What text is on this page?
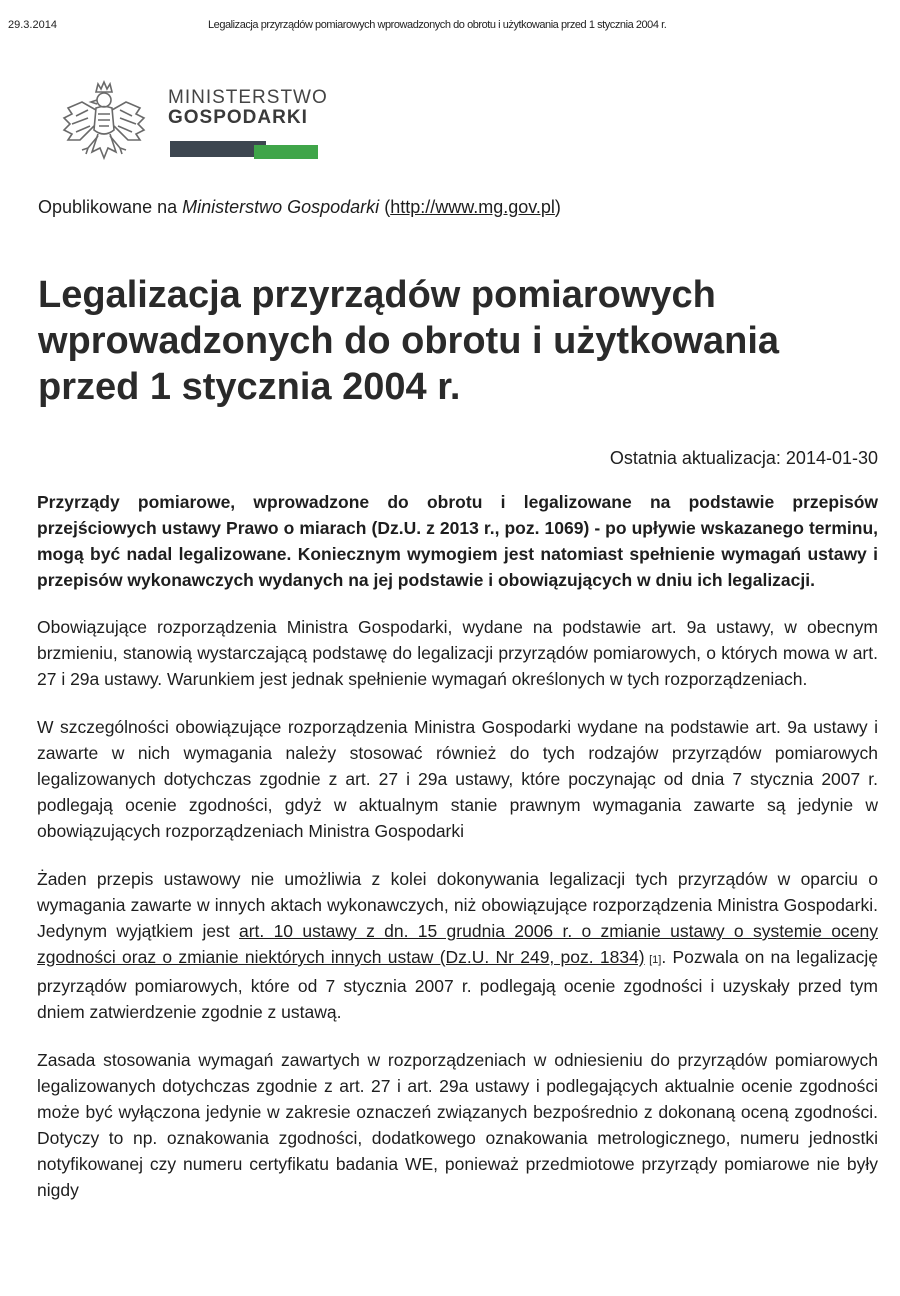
29.3.2014	Legalizacja przyrządów pomiarowych wprowadzonych do obrotu i użytkowania przed 1 stycznia 2004 r.
MINISTERSTWO
GOSPODARKI
Opublikowane na Ministerstwo Gospodarki (http://www.mg.gov.pl)
Legalizacja przyrządów pomiarowych wprowadzonych do obrotu i użytkowania przed 1 stycznia 2004 r.
Ostatnia aktualizacja: 2014-01-30

Przyrządy pomiarowe, wprowadzone do obrotu i legalizowane na podstawie przepisów przejściowych ustawy Prawo o miarach (Dz.U. z 2013 r., poz. 1069) - po upływie wskazanego terminu, mogą być nadal legalizowane. Koniecznym wymogiem jest natomiast spełnienie wymagań ustawy i przepisów wykonawczych wydanych na jej podstawie i obowiązujących w dniu ich legalizacji.

Obowiązujące rozporządzenia Ministra Gospodarki, wydane na podstawie art. 9a ustawy, w obecnym brzmieniu, stanowią wystarczającą podstawę do legalizacji przyrządów pomiarowych, o których mowa w art. 27 i 29a ustawy. Warunkiem jest jednak spełnienie wymagań określonych w tych rozporządzeniach.

W szczególności obowiązujące rozporządzenia Ministra Gospodarki wydane na podstawie art. 9a ustawy i zawarte w nich wymagania należy stosować również do tych rodzajów przyrządów pomiarowych legalizowanych dotychczas zgodnie z art. 27 i 29a ustawy, które poczynając od dnia 7 stycznia 2007 r. podlegają ocenie zgodności, gdyż w aktualnym stanie prawnym wymagania zawarte są jedynie w obowiązujących rozporządzeniach Ministra Gospodarki

Żaden przepis ustawowy nie umożliwia z kolei dokonywania legalizacji tych przyrządów w oparciu o wymagania zawarte w innych aktach wykonawczych, niż obowiązujące rozporządzenia Ministra Gospodarki. Jedynym wyjątkiem jest art. 10 ustawy z dn. 15 grudnia 2006 r. o zmianie ustawy o systemie oceny zgodności oraz o zmianie niektórych innych ustaw (Dz.U. Nr 249, poz. 1834) [1]. Pozwala on na legalizację przyrządów pomiarowych, które od 7 stycznia 2007 r. podlegają ocenie zgodności i uzyskały przed tym dniem zatwierdzenie zgodnie z ustawą.

Zasada stosowania wymagań zawartych w rozporządzeniach w odniesieniu do przyrządów pomiarowych legalizowanych dotychczas zgodnie z art. 27 i art. 29a ustawy i podlegających aktualnie ocenie zgodności może być wyłączona jedynie w zakresie oznaczeń związanych bezpośrednio z dokonaną oceną zgodności. Dotyczy to np. oznakowania zgodności, dodatkowego oznakowania metrologicznego, numeru jednostki notyfikowanej czy numeru certyfikatu badania WE, ponieważ przedmiotowe przyrządy pomiarowe nie były nigdy
